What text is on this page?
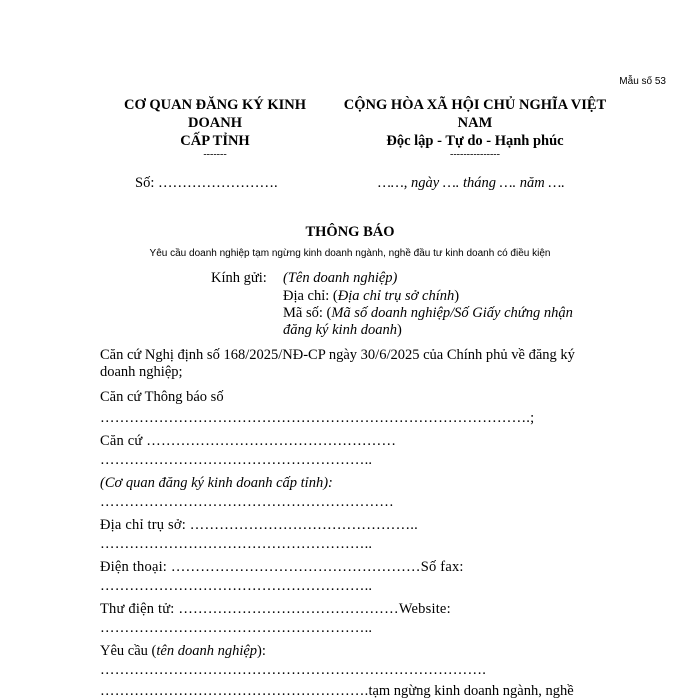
Mẫu số 53
CƠ QUAN ĐĂNG KÝ KINH
DOANH
CẤP TỈNH
-------
Số: …………………….
CỘNG HÒA XÃ HỘI CHỦ NGHĨA VIỆT
NAM
Độc lập - Tự do - Hạnh phúc
---------------
……, ngày …. tháng …. năm ….
THÔNG BÁO
Yêu cầu doanh nghiệp tạm ngừng kinh doanh ngành, nghề đầu tư kinh doanh có điều kiện
Kính gửi: (Tên doanh nghiệp)
Địa chỉ: (Địa chỉ trụ sở chính)
Mã số: (Mã số doanh nghiệp/Số Giấy chứng nhận
đăng ký kinh doanh)
Căn cứ Nghị định số 168/2025/NĐ-CP ngày 30/6/2025 của Chính phủ về đăng ký
doanh nghiệp;
Căn cứ Thông báo số
…………………………………………………………………………….;
Căn cứ ……………………………………………
………………………………………………..
(Cơ quan đăng ký kinh doanh cấp tỉnh):
……………………………………………………
Địa chỉ trụ sở: ………………………………………..
………………………………………………..
Điện thoại: ……………………………………………Số fax:
………………………………………………..
Thư điện tử: ………………………………………Website:
………………………………………………..
Yêu cầu (tên doanh nghiệp):
…………………………………………………………………….
……………………………………………….tạm ngừng kinh doanh ngành, nghề
